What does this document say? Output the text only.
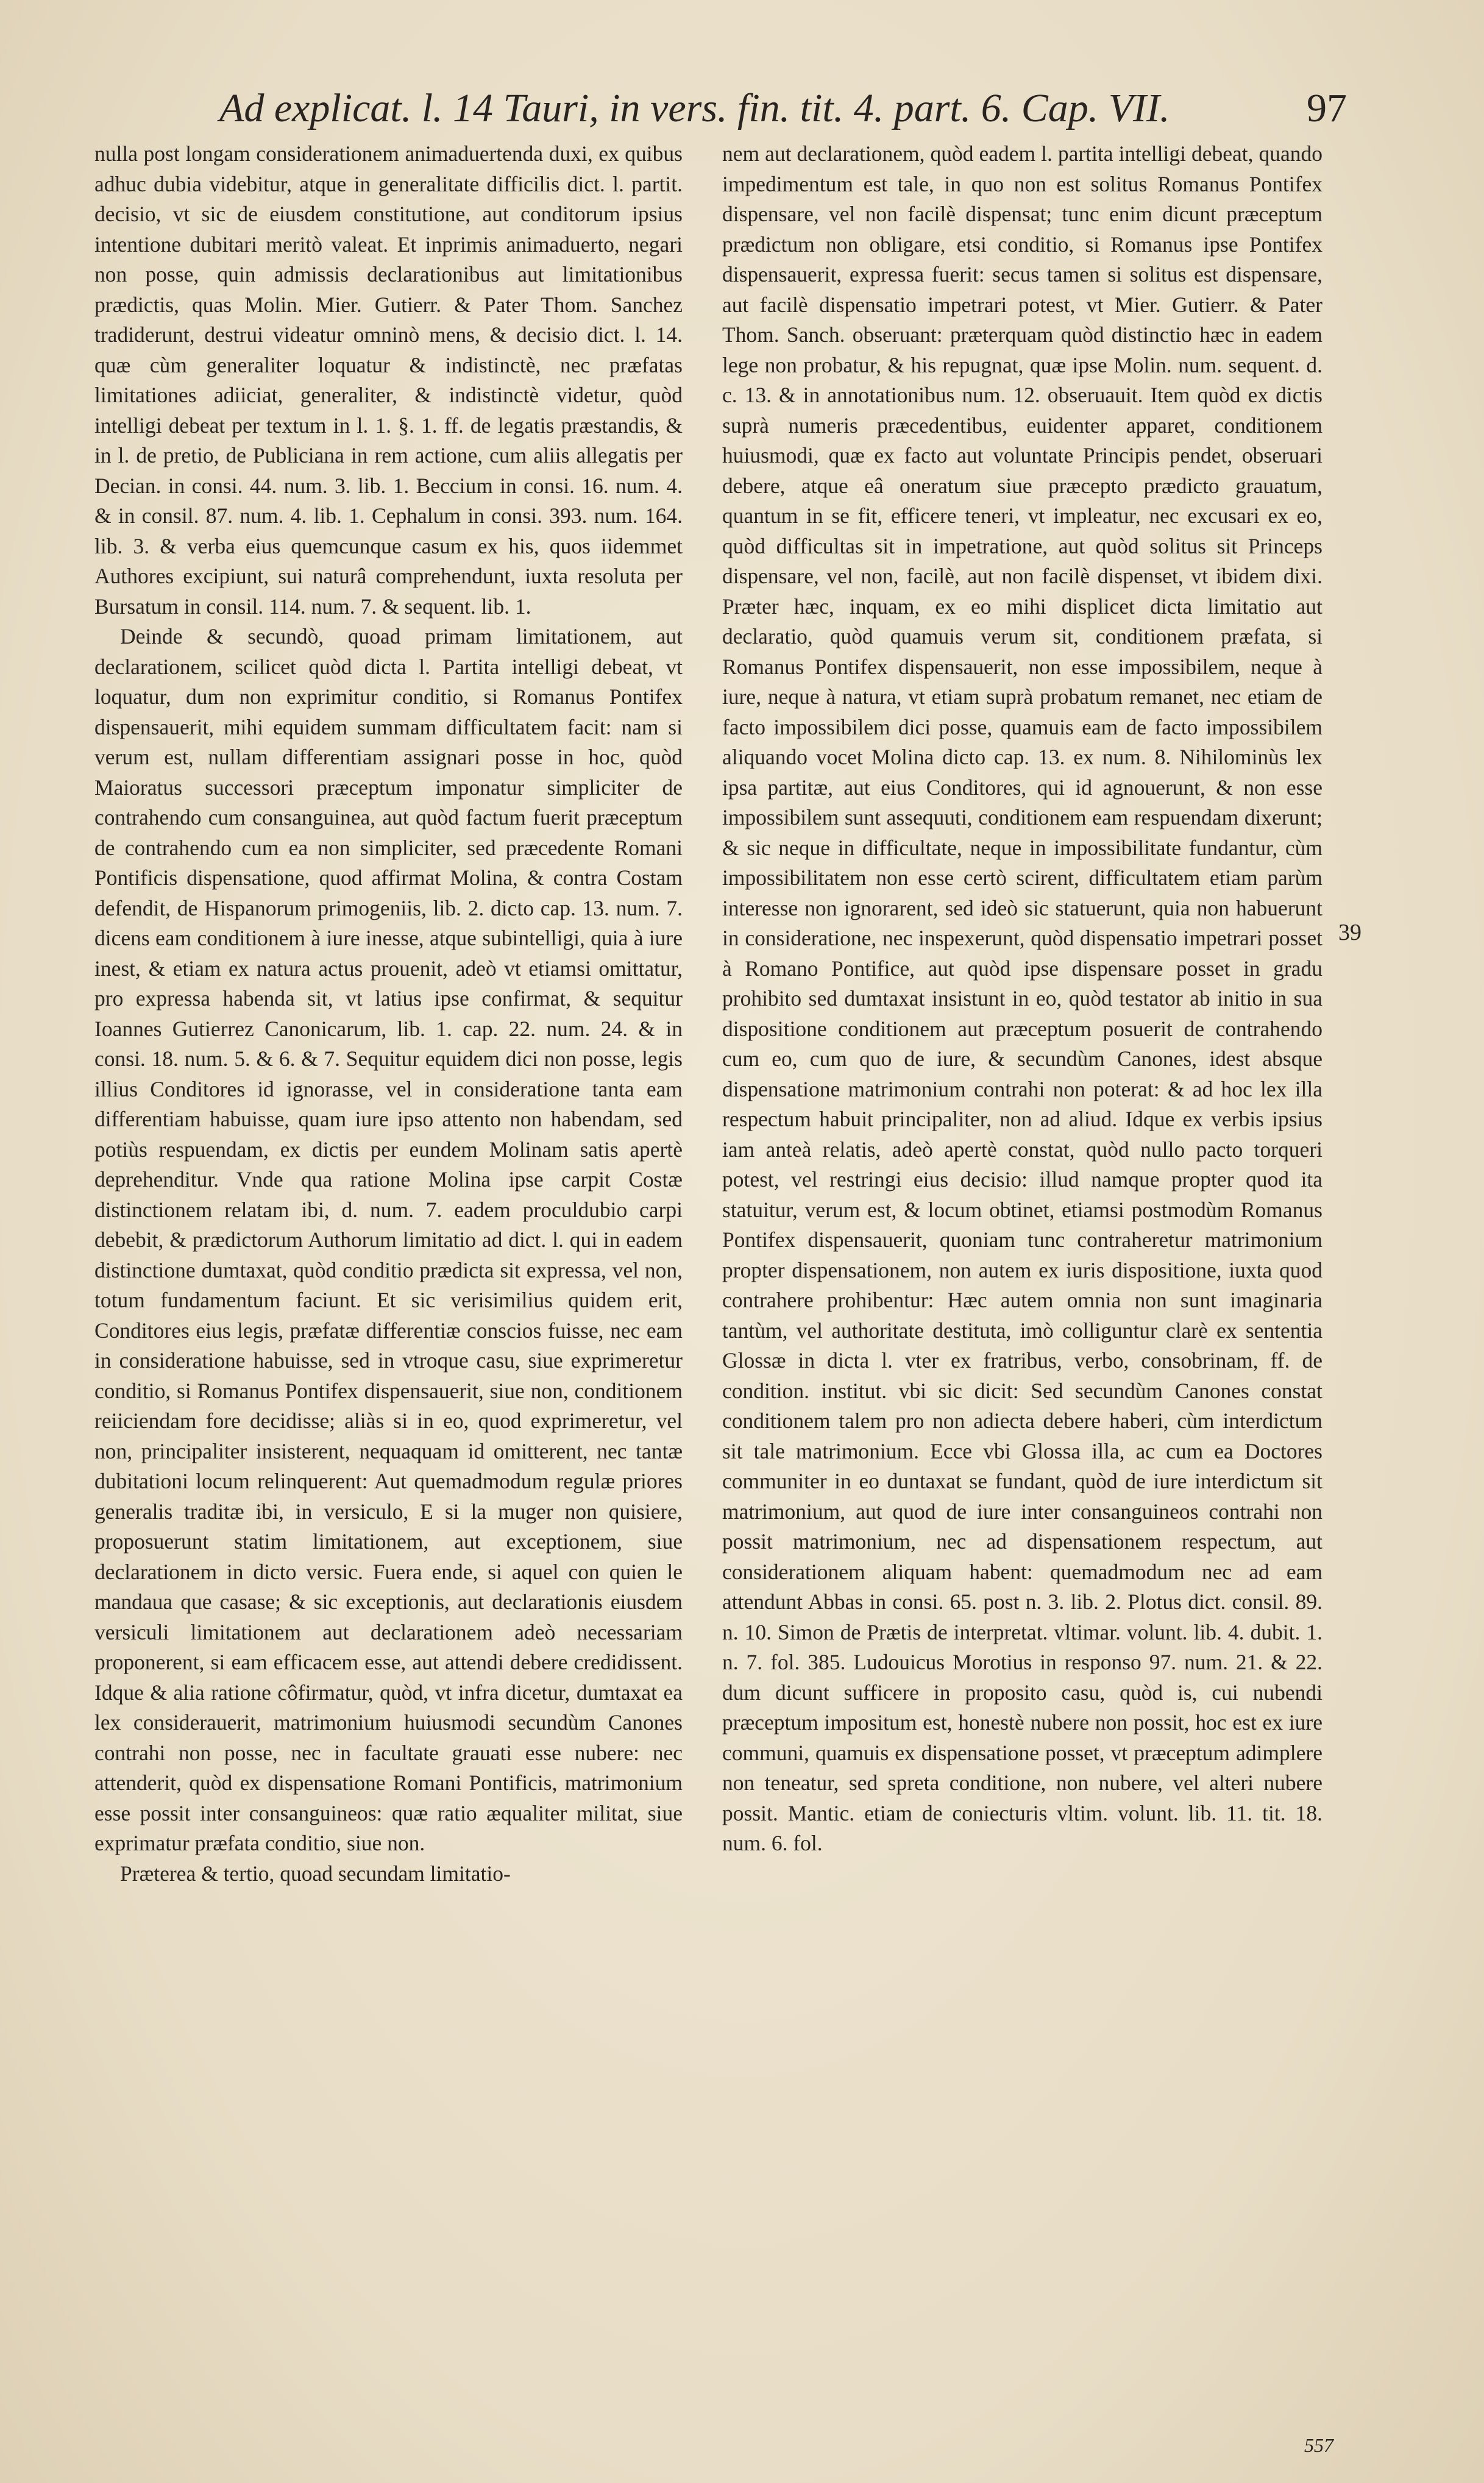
Ad explicat. l. 14 Tauri, in vers. fin. tit. 4. part. 6. Cap. VII.	97

nulla post longam considerationem animaduertenda duxi, ex quibus adhuc dubia videbitur, atque in generalitate difficilis dict. l. partit. decisio, vt sic de eiusdem constitutione, aut conditorum ipsius intentione dubitari meritò valeat. Et inprimis animaduerto, negari non posse, quin admissis declarationibus aut limitationibus prædictis, quas Molin. Mier. Gutierr. & Pater Thom. Sanchez tradiderunt, destrui videatur omninò mens, & decisio dict. l. 14. quæ cùm generaliter loquatur & indistinctè, nec præfatas limitationes adiiciat, generaliter, & indistinctè videtur, quòd intelligi debeat per textum in l. 1. §. 1. ff. de legatis præstandis, & in l. de pretio, de Publiciana in rem actione, cum aliis allegatis per Decian. in consi. 44. num. 3. lib. 1. Beccium in consi. 16. num. 4. & in consil. 87. num. 4. lib. 1. Cephalum in consi. 393. num. 164. lib. 3. & verba eius quemcunque casum ex his, quos iidemmet Authores excipiunt, sui naturâ comprehendunt, iuxta resoluta per Bursatum in consil. 114. num. 7. & sequent. lib. 1.

Deinde & secundò, quoad primam limitationem, aut declarationem, scilicet quòd dicta l. Partita intelligi debeat, vt loquatur, dum non exprimitur conditio, si Romanus Pontifex dispensauerit, mihi equidem summam difficultatem facit: nam si verum est, nullam differentiam assignari posse in hoc, quòd Maioratus successori præceptum imponatur simpliciter de contrahendo cum consanguinea, aut quòd factum fuerit præceptum de contrahendo cum ea non simpliciter, sed præcedente Romani Pontificis dispensatione, quod affirmat Molina, & contra Costam defendit, de Hispanorum primogeniis, lib. 2. dicto cap. 13. num. 7. dicens eam conditionem à iure inesse, atque subintelligi, quia à iure inest, & etiam ex natura actus prouenit, adeò vt etiamsi omittatur, pro expressa habenda sit, vt latius ipse confirmat, & sequitur Ioannes Gutierrez Canonicarum, lib. 1. cap. 22. num. 24. & in consi. 18. num. 5. & 6. & 7. Sequitur equidem dici non posse, legis illius Conditores id ignorasse, vel in consideratione tanta eam differentiam habuisse, quam iure ipso attento non habendam, sed potiùs respuendam, ex dictis per eundem Molinam satis apertè deprehenditur. Vnde qua ratione Molina ipse carpit Costæ distinctionem relatam ibi, d. num. 7. eadem proculdubio carpi debebit, & prædictorum Authorum limitatio ad dict. l. qui in eadem distinctione dumtaxat, quòd conditio prædicta sit expressa, vel non, totum fundamentum faciunt. Et sic verisimilius quidem erit, Conditores eius legis, præfatæ differentiæ conscios fuisse, nec eam in consideratione habuisse, sed in vtroque casu, siue exprimeretur conditio, si Romanus Pontifex dispensauerit, siue non, conditionem reiiciendam fore decidisse; aliàs si in eo, quod exprimeretur, vel non, principaliter insisterent, nequaquam id omitterent, nec tantæ dubitationi locum relinquerent: Aut quemadmodum regulæ priores generalis traditæ ibi, in versiculo, E si la muger non quisiere, proposuerunt statim limitationem, aut exceptionem, siue declarationem in dicto versic. Fuera ende, si aquel con quien le mandaua que casase; & sic exceptionis, aut declarationis eiusdem versiculi limitationem aut declarationem adeò necessariam proponerent, si eam efficacem esse, aut attendi debere credidissent. Idque & alia ratione côfirmatur, quòd, vt infra dicetur, dumtaxat ea lex considerauerit, matrimonium huiusmodi secundùm Canones contrahi non posse, nec in facultate grauati esse nubere: nec attenderit, quòd ex dispensatione Romani Pontificis, matrimonium esse possit inter consanguineos: quæ ratio æqualiter militat, siue exprimatur præfata conditio, siue non.

Præterea & tertio, quoad secundam limitatio-

nem aut declarationem, quòd eadem l. partita intelligi debeat, quando impedimentum est tale, in quo non est solitus Romanus Pontifex dispensare, vel non facilè dispensat; tunc enim dicunt præceptum prædictum non obligare, etsi conditio, si Romanus ipse Pontifex dispensauerit, expressa fuerit: secus tamen si solitus est dispensare, aut facilè dispensatio impetrari potest, vt Mier. Gutierr. & Pater Thom. Sanch. obseruant: præterquam quòd distinctio hæc in eadem lege non probatur, & his repugnat, quæ ipse Molin. num. sequent. d. c. 13. & in annotationibus num. 12. obseruauit. Item quòd ex dictis suprà numeris præcedentibus, euidenter apparet, conditionem huiusmodi, quæ ex facto aut voluntate Principis pendet, obseruari debere, atque eâ oneratum siue præcepto prædicto grauatum, quantum in se fit, efficere teneri, vt impleatur, nec excusari ex eo, quòd difficultas sit in impetratione, aut quòd solitus sit Princeps dispensare, vel non, facilè, aut non facilè dispenset, vt ibidem dixi. Præter hæc, inquam, ex eo mihi displicet dicta limitatio aut declaratio, quòd quamuis verum sit, conditionem præfata, si Romanus Pontifex dispensauerit, non esse impossibilem, neque à iure, neque à natura, vt etiam suprà probatum remanet, nec etiam de facto impossibilem dici posse, quamuis eam de facto impossibilem aliquando vocet Molina dicto cap. 13. ex num. 8. Nihilominùs lex ipsa partitæ, aut eius Conditores, qui id agnouerunt, & non esse impossibilem sunt assequuti, conditionem eam respuendam dixerunt; & sic neque in difficultate, neque in impossibilitate fundantur, cùm impossibilitatem non esse certò scirent, difficultatem etiam parùm interesse non ignorarent, sed ideò sic statuerunt, quia non habuerunt in consideratione, nec inspexerunt, quòd dispensatio impetrari posset à Romano Pontifice, aut quòd ipse dispensare posset in gradu prohibito sed dumtaxat insistunt in eo, quòd testator ab initio in sua dispositione conditionem aut præceptum posuerit de contrahendo cum eo, cum quo de iure, & secundùm Canones, idest absque dispensatione matrimonium contrahi non poterat: & ad hoc lex illa respectum habuit principaliter, non ad aliud. Idque ex verbis ipsius iam anteà relatis, adeò apertè constat, quòd nullo pacto torqueri potest, vel restringi eius decisio: illud namque propter quod ita statuitur, verum est, & locum obtinet, etiamsi postmodùm Romanus Pontifex dispensauerit, quoniam tunc contraheretur matrimonium propter dispensationem, non autem ex iuris dispositione, iuxta quod contrahere prohibentur: Hæc autem omnia non sunt imaginaria tantùm, vel authoritate destituta, imò colliguntur clarè ex sententia Glossæ in dicta l. vter ex fratribus, verbo, consobrinam, ff. de condition. institut. vbi sic dicit: Sed secundùm Canones constat conditionem talem pro non adiecta debere haberi, cùm interdictum sit tale matrimonium. Ecce vbi Glossa illa, ac cum ea Doctores communiter in eo duntaxat se fundant, quòd de iure interdictum sit matrimonium, aut quod de iure inter consanguineos contrahi non possit matrimonium, nec ad dispensationem respectum, aut considerationem aliquam habent: quemadmodum nec ad eam attendunt Abbas in consi. 65. post n. 3. lib. 2. Plotus dict. consil. 89. n. 10. Simon de Prætis de interpretat. vltimar. volunt. lib. 4. dubit. 1. n. 7. fol. 385. Ludouicus Morotius in responso 97. num. 21. & 22. dum dicunt sufficere in proposito casu, quòd is, cui nubendi præceptum impositum est, honestè nubere non possit, hoc est ex iure communi, quamuis ex dispensatione posset, vt præceptum adimplere non teneatur, sed spreta conditione, non nubere, vel alteri nubere possit. Mantic. etiam de coniecturis vltim. volunt. lib. 11. tit. 18. num. 6. fol.

39
557
